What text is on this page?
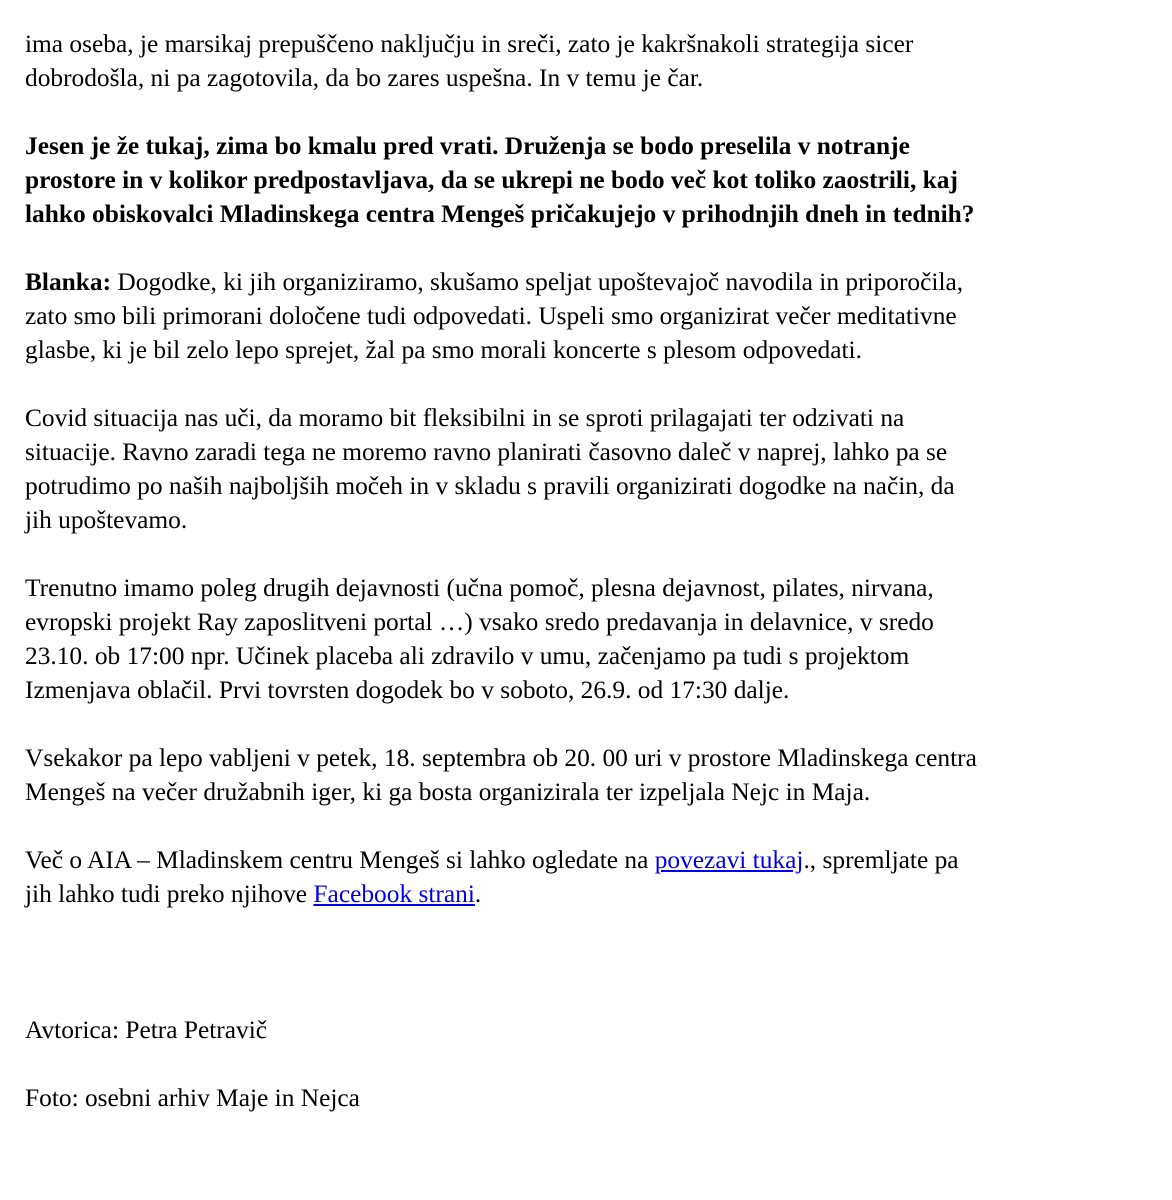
ima oseba, je marsikaj prepuščeno naključju in sreči, zato je kakršnakoli strategija sicer
dobrodošla, ni pa zagotovila, da bo zares uspešna. In v temu je čar.

Jesen je že tukaj, zima bo kmalu pred vrati. Druženja se bodo preselila v notranje
prostore in v kolikor predpostavljava, da se ukrepi ne bodo več kot toliko zaostrili, kaj
lahko obiskovalci Mladinskega centra Mengeš pričakujejo v prihodnjih dneh in tednih?

Blanka: Dogodke, ki jih organiziramo, skušamo speljat upoštevajoč navodila in priporočila,
zato smo bili primorani določene tudi odpovedati. Uspeli smo organizirat večer meditativne
glasbe, ki je bil zelo lepo sprejet, žal pa smo morali koncerte s plesom odpovedati.

Covid situacija nas uči, da moramo bit fleksibilni in se sproti prilagajati ter odzivati na
situacije. Ravno zaradi tega ne moremo ravno planirati časovno daleč v naprej, lahko pa se
potrudimo po naših najboljših močeh in v skladu s pravili organizirati dogodke na način, da
jih upoštevamo.

Trenutno imamo poleg drugih dejavnosti (učna pomoč, plesna dejavnost, pilates, nirvana,
evropski projekt Ray zaposlitveni portal …) vsako sredo predavanja in delavnice, v sredo
23.10. ob 17:00 npr. Učinek placeba ali zdravilo v umu, začenjamo pa tudi s projektom
Izmenjava oblačil. Prvi tovrsten dogodek bo v soboto, 26.9. od 17:30 dalje.

Vsekakor pa lepo vabljeni v petek, 18. septembra ob 20. 00 uri v prostore Mladinskega centra
Mengeš na večer družabnih iger, ki ga bosta organizirala ter izpeljala Nejc in Maja.

Več o AIA – Mladinskem centru Mengeš si lahko ogledate na povezavi tukaj., spremljate pa
jih lahko tudi preko njihove Facebook strani.

Avtorica: Petra Petravič

Foto: osebni arhiv Maje in Nejca
